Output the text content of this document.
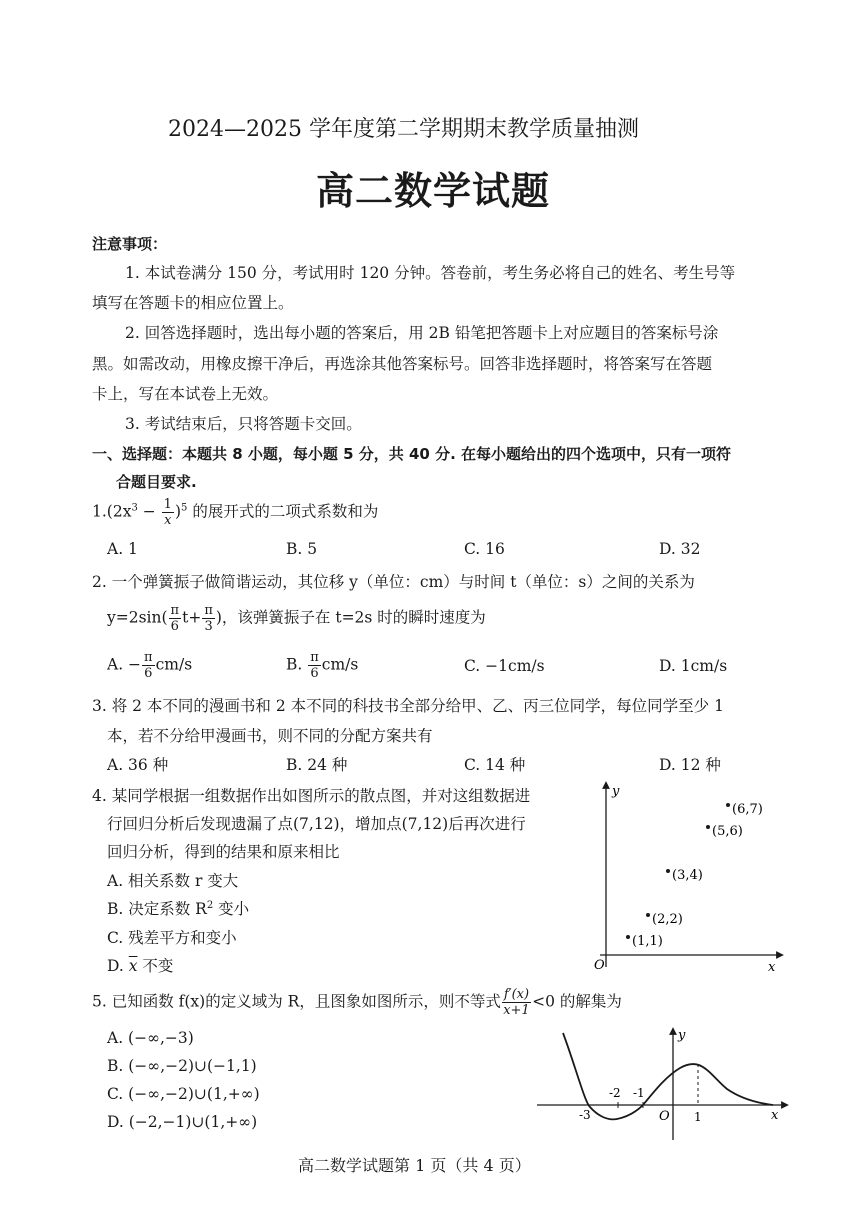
2024—2025 学年度第二学期期末教学质量抽测
高二数学试题
注意事项：
1. 本试卷满分 150 分，考试用时 120 分钟。答卷前，考生务必将自己的姓名、考生号等
填写在答题卡的相应位置上。
2. 回答选择题时，选出每小题的答案后，用 2B 铅笔把答题卡上对应题目的答案标号涂
黑。如需改动，用橡皮擦干净后，再选涂其他答案标号。回答非选择题时，将答案写在答题
卡上，写在本试卷上无效。
3. 考试结束后，只将答题卡交回。
一、选择题：本题共 8 小题，每小题 5 分，共 40 分. 在每小题给出的四个选项中，只有一项符
合题目要求.
$1.(2x^3 - \frac{1}{x} )^5$ 的展开式的二项式系数和为
A. 1	B. 5	C. 16	D. 32
2. 一个弹簧振子做简谐运动，其位移 y（单位：cm）与时间 t（单位：s）之间的关系为
$y=2\sin( \frac{\pi}{6} t+ \frac{\pi}{3}$ )，该弹簧振子在 t=2s 时的瞬时速度为
A. − $\frac{\pi}{6} cm/s$	B. $\frac{\pi}{6} cm/s$	C. −1cm/s	D. 1cm/s
3. 将 2 本不同的漫画书和 2 本不同的科技书全部分给甲、乙、丙三位同学，每位同学至少 1
本，若不分给甲漫画书，则不同的分配方案共有
A. 36 种	B. 24 种	C. 14 种	D. 12 种
4. 某同学根据一组数据作出如图所示的散点图，并对这组数据进
行回归分析后发现遗漏了点(7,12)，增加点(7,12)后再次进行
回归分析，得到的结果和原来相比
A. 相关系数 r 变大
B. 决定系数 $R^2$ 变小
C. 残差平方和变小
D. $\overline{x}$ 不变
y
x
O
(1,1)
(2,2)
(3,4)
(5,6)
(6,7)
5. 已知函数 f(x)的定义域为 R，且图象如图所示，则不等式 $\frac{f'(x)}{x+1} <0$ 的解集为
A. (−∞,−3)
B. (−∞,−2)∪(−1,1)
C. (−∞,−2)∪(1,+∞)
D. (−2,−1)∪(1,+∞)
y
x
O
-3
-2 -1
1
高二数学试题第 1 页（共 4 页）
